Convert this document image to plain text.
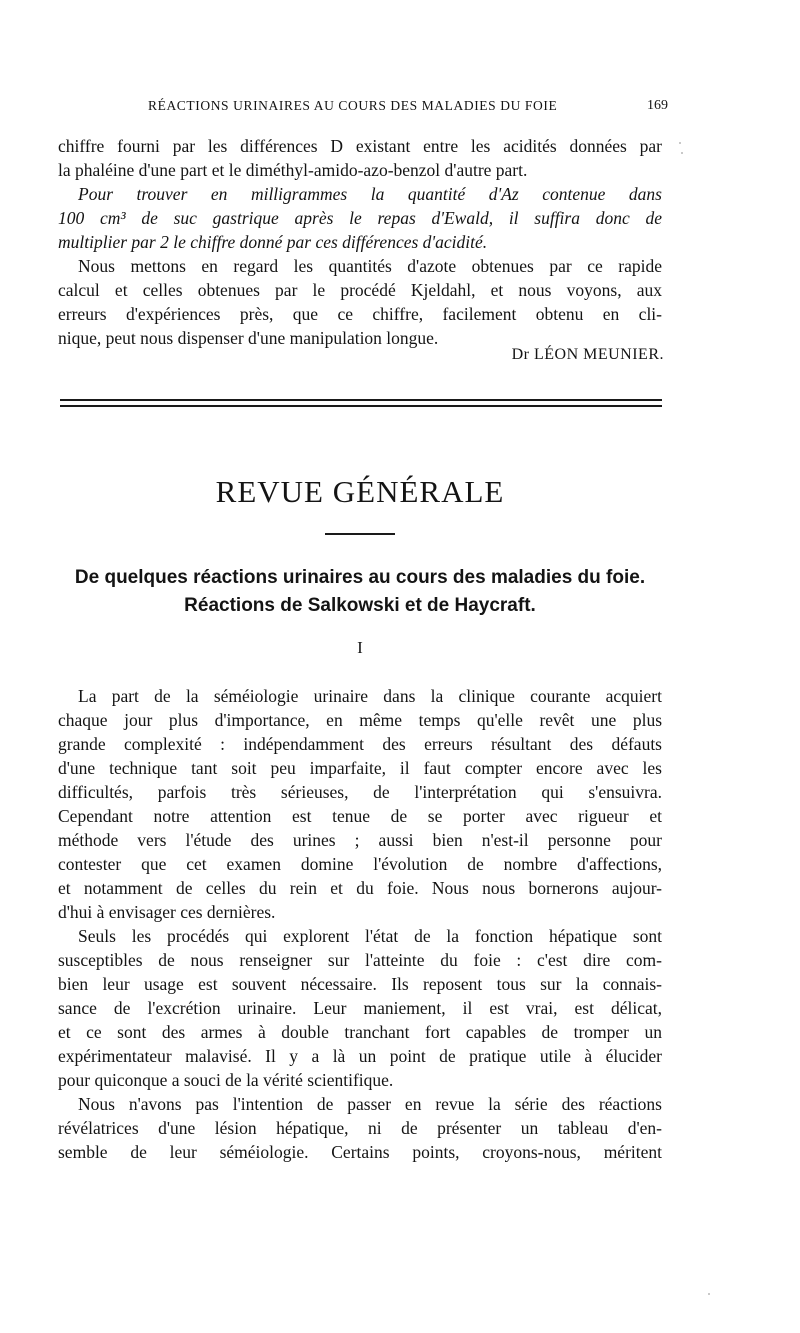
RÉACTIONS URINAIRES AU COURS DES MALADIES DU FOIE	169
chiffre fourni par les différences D existant entre les acidités données par
la phaléine d'une part et le diméthyl-amido-azo-benzol d'autre part.
Pour trouver en milligrammes la quantité d'Az contenue dans
100 cm³ de suc gastrique après le repas d'Ewald, il suffira donc de
multiplier par 2 le chiffre donné par ces différences d'acidité.
Nous mettons en regard les quantités d'azote obtenues par ce rapide
calcul et celles obtenues par le procédé Kjeldahl, et nous voyons, aux
erreurs d'expériences près, que ce chiffre, facilement obtenu en cli-
nique, peut nous dispenser d'une manipulation longue.
Dr LÉON MEUNIER.
REVUE GÉNÉRALE
De quelques réactions urinaires au cours des maladies du foie.
Réactions de Salkowski et de Haycraft.
I
La part de la séméiologie urinaire dans la clinique courante acquiert
chaque jour plus d'importance, en même temps qu'elle revêt une plus
grande complexité : indépendamment des erreurs résultant des défauts
d'une technique tant soit peu imparfaite, il faut compter encore avec les
difficultés, parfois très sérieuses, de l'interprétation qui s'ensuivra.
Cependant notre attention est tenue de se porter avec rigueur et
méthode vers l'étude des urines ; aussi bien n'est-il personne pour
contester que cet examen domine l'évolution de nombre d'affections,
et notamment de celles du rein et du foie. Nous nous bornerons aujour-
d'hui à envisager ces dernières.
Seuls les procédés qui explorent l'état de la fonction hépatique sont
susceptibles de nous renseigner sur l'atteinte du foie : c'est dire com-
bien leur usage est souvent nécessaire. Ils reposent tous sur la connais-
sance de l'excrétion urinaire. Leur maniement, il est vrai, est délicat,
et ce sont des armes à double tranchant fort capables de tromper un
expérimentateur malavisé. Il y a là un point de pratique utile à élucider
pour quiconque a souci de la vérité scientifique.
Nous n'avons pas l'intention de passer en revue la série des réactions
révélatrices d'une lésion hépatique, ni de présenter un tableau d'en-
semble de leur séméiologie. Certains points, croyons-nous, méritent
